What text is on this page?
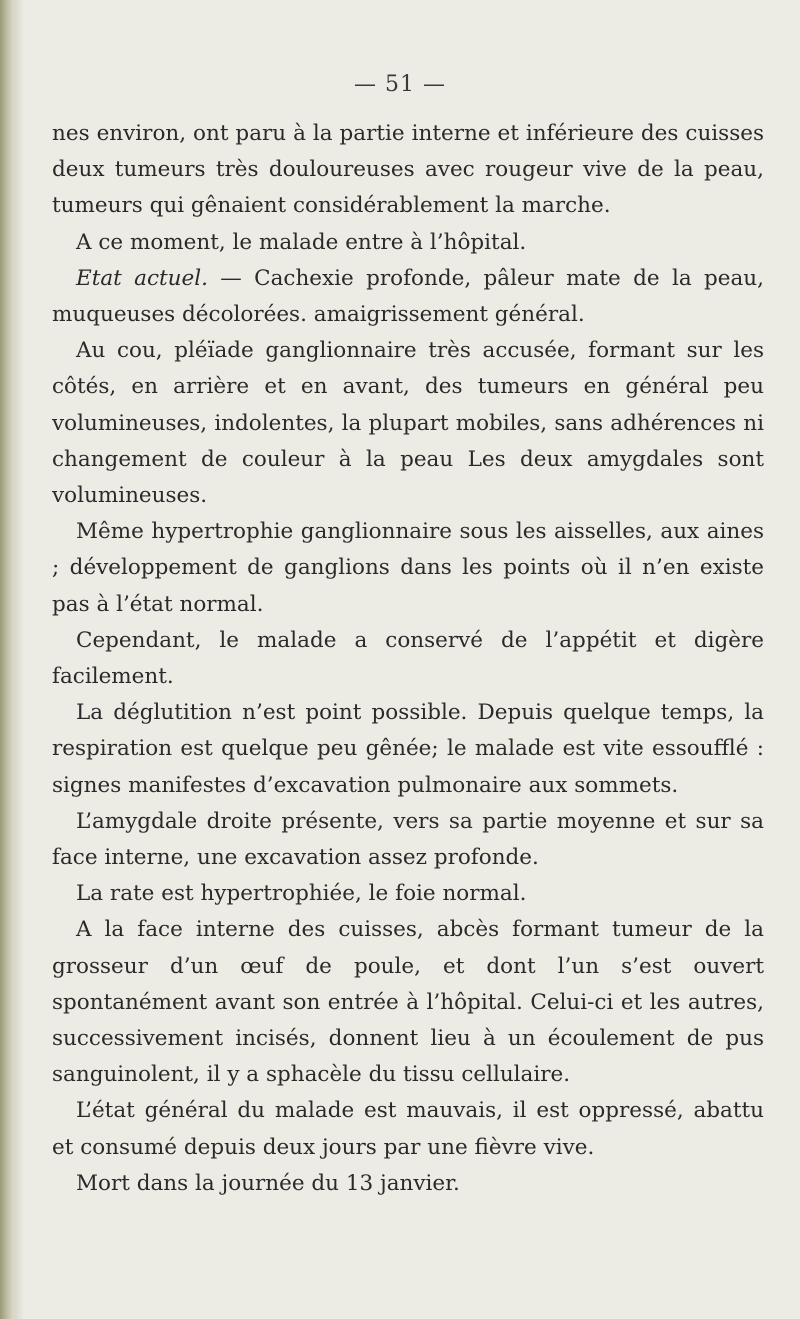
— 51 —

nes environ, ont paru à la partie interne et inférieure des cuisses deux tumeurs très douloureuses avec rougeur vive de la peau, tumeurs qui gênaient considérablement la marche.

A ce moment, le malade entre à l’hôpital.

Etat actuel. — Cachexie profonde, pâleur mate de la peau, muqueuses décolorées. amaigrissement général.

Au cou, pléïade ganglionnaire très accusée, formant sur les côtés, en arrière et en avant, des tumeurs en général peu volumineuses, indolentes, la plupart mobiles, sans adhérences ni changement de couleur à la peau Les deux amygdales sont volumineuses.

Même hypertrophie ganglionnaire sous les aisselles, aux aines ; développement de ganglions dans les points où il n’en existe pas à l’état normal.

Cependant, le malade a conservé de l’appétit et digère facilement.

La déglutition n’est point possible. Depuis quelque temps, la respiration est quelque peu gênée; le malade est vite essoufflé : signes manifestes d’excavation pulmonaire aux sommets.

L’amygdale droite présente, vers sa partie moyenne et sur sa face interne, une excavation assez profonde.

La rate est hypertrophiée, le foie normal.

A la face interne des cuisses, abcès formant tumeur de la grosseur d’un œuf de poule, et dont l’un s’est ouvert spontanément avant son entrée à l’hôpital. Celui-ci et les autres, successivement incisés, donnent lieu à un écoulement de pus sanguinolent, il y a sphacèle du tissu cellulaire.

L’état général du malade est mauvais, il est oppressé, abattu et consumé depuis deux jours par une fièvre vive.

Mort dans la journée du 13 janvier.
